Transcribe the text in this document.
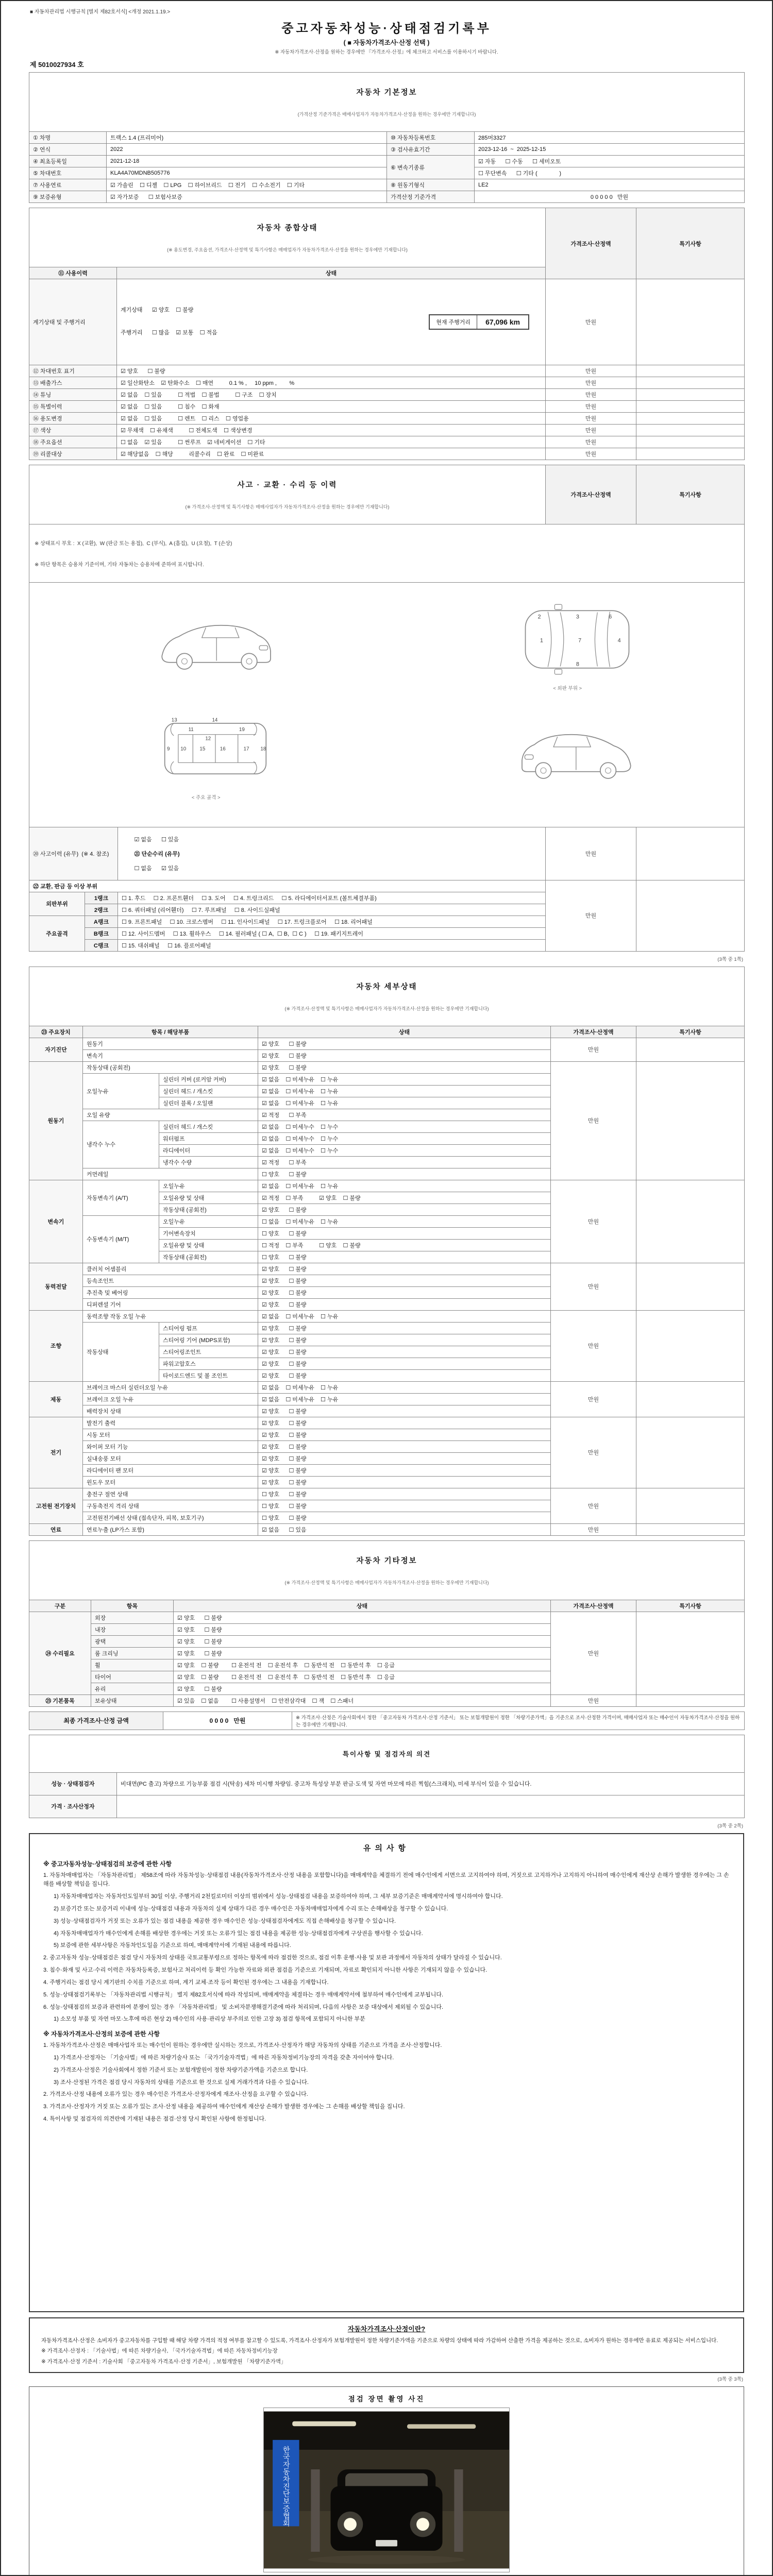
■ 자동차관리법 시행규칙 [별지 제82호서식] <개정 2021.1.19.>
중고자동차성능·상태점검기록부
( ■ 자동차가격조사·산정 선택 )
※ 자동차가격조사·산정을 원하는 경우에만 『가격조사·산정』에 체크하고 서비스를 이용하시기 바랍니다.
제 5010027934 호

자동차 기본정보

(가격산정 기준가격은 매매사업자가 자동차가격조사·산정을 원하는 경우에만 기재합니다)			

① 차명	트랙스 1.4 (프리미어)	⑩ 자동차등록번호	285머3327
② 연식	2022	③ 검사유효기간	2023-12-16  ~  2025-12-15
④ 최초등록일	2021-12-18	⑥ 변속기종류	☑ 자동      ☐ 수동      ☐ 세미오토
⑤ 차대번호	KLA4A70MDNB505776		☐ 무단변속      ☐ 기타 (              )
⑦ 사용연료	☑ 가솔린    ☐ 디젤    ☐ LPG    ☐ 하이브리드    ☐ 전기    ☐ 수소전기    ☐ 기타	⑧ 원동기형식	LE2
⑨ 보증유형	☑ 자가보증      ☐ 보험사보증	가격산정 기준가격	0 0 0 0 0   만원

자동차 종합상태

(※ 용도변경, 주요옵션, 가격조사·산정액 및 특기사항은 매매업자가 자동차가격조사·산정을 원하는 경우에만 기재합니다)		가격조사·산정액	특기사항
⑪ 사용이력	상태		
계기상태 및 주행거리	계기상태      ☑ 양호    ☐ 불량

주행거리      ☐ 많음    ☑ 보통    ☐ 적음

현재 주행거리 67,096 km	만원	
⑫ 차대번호 표기	☑ 양호      ☐ 불량	만원	
⑬ 배출가스	☑ 일산화탄소    ☑ 탄화수소    ☐ 매연          0.1 % ,     10 ppm ,        %	만원	
⑭ 튜닝	☑ 없음    ☐ 있음          ☐ 적법    ☐ 불법          ☐ 구조    ☐ 장치	만원	
⑮ 특별이력	☑ 없음    ☐ 있음          ☐ 침수    ☐ 화재	만원	
⑯ 용도변경	☑ 없음    ☐ 있음          ☐ 렌트    ☐ 리스    ☐ 영업용	만원	
⑰ 색상	☑ 무채색    ☐ 유채색          ☐ 전체도색    ☐ 색상변경	만원	
⑱ 주요옵션	☐ 없음    ☑ 있음          ☐ 썬루프    ☑ 네비게이션    ☐ 기타	만원	
⑲ 리콜대상	☑ 해당없음    ☐ 해당          리콜수리    ☐ 완료    ☐ 미완료	만원	

사고 · 교환 · 수리 등 이력

(※ 가격조사·산정액 및 특기사항은 매매사업자가 자동차가격조사·산정을 원하는 경우에만 기재합니다)			가격조사·산정액	특기사항

※ 상태표시 부호 :  X (교환),  W (판금 또는 용접),  C (부식),  A (흠집),  U (요철),  T (손상)

※ 하단 항목은 승용차 기준이며, 기타 자동차는 승용차에 준하여 표시합니다.				

1
2	3
4
6
7
8

< 외판 부위 >

9 10
11
12
13	14
15	16	17 18
19

< 주요 골격 >

⑳ 사고이력 (유무)  (※ 4. 참조)		☑ 없음      ☐ 있음

㉑ 단순수리 (유무)

☐ 없음      ☑ 있음	만원	
㉒ 교환, 판금 등 이상 부위			만원	
외판부위	1랭크	☐ 1. 후드     ☐ 2. 프론트휀더     ☐ 3. 도어     ☐ 4. 트렁크리드     ☐ 5. 라디에이터서포트 (볼트체결부품)		
	2랭크	☐ 6. 쿼터패널 (리어휀더)     ☐ 7. 루프패널     ☐ 8. 사이드실패널		
주요골격	A랭크	☐ 9. 프론트패널     ☐ 10. 크로스멤버     ☐ 11. 인사이드패널     ☐ 17. 트렁크플로어     ☐ 18. 리어패널		
	B랭크	☐ 12. 사이드멤버     ☐ 13. 휠하우스     ☐ 14. 필러패널 ( ☐ A,  ☐ B,  ☐ C )     ☐ 19. 패키지트레이		
	C랭크	☐ 15. 대쉬패널     ☐ 16. 플로어패널		
(3쪽 중 1쪽)

자동차 세부상태

(※ 가격조사·산정액 및 특기사항은 매매사업자가 자동차가격조사·산정을 원하는 경우에만 기재합니다)					

㉓ 주요장치	항목 / 해당부품		상태	가격조사·산정액	특기사항
자기진단	원동기		☑ 양호      ☐ 불량	만원	
	변속기		☑ 양호      ☐ 불량		
원동기	작동상태 (공회전)		☑ 양호      ☐ 불량	만원	
	오일누유	실린더 커버 (로커암 커버)	☑ 없음    ☐ 미세누유    ☐ 누유		
		실린더 헤드 / 개스킷	☑ 없음    ☐ 미세누유    ☐ 누유		
		실린더 블록 / 오일팬	☑ 없음    ☐ 미세누유    ☐ 누유		
	오일 유량		☑ 적정      ☐ 부족		
	냉각수 누수	실린더 헤드 / 개스킷	☑ 없음    ☐ 미세누수    ☐ 누수		
		워터펌프	☑ 없음    ☐ 미세누수    ☐ 누수		
		라디에이터	☑ 없음    ☐ 미세누수    ☐ 누수		
		냉각수 수량	☑ 적정      ☐ 부족		
	커먼레일		☐ 양호      ☐ 불량		
변속기	자동변속기 (A/T)	오일누유	☑ 없음    ☐ 미세누유    ☐ 누유	만원	
		오일유량 및 상태	☑ 적정    ☐ 부족          ☑ 양호    ☐ 불량		
		작동상태 (공회전)	☑ 양호      ☐ 불량		
	수동변속기 (M/T)	오일누유	☐ 없음    ☐ 미세누유    ☐ 누유		
		기어변속장치	☐ 양호      ☐ 불량		
		오일유량 및 상태	☐ 적정    ☐ 부족          ☐ 양호    ☐ 불량		
		작동상태 (공회전)	☐ 양호      ☐ 불량		
동력전달	클러치 어셈블리		☑ 양호      ☐ 불량	만원	
	등속조인트		☑ 양호      ☐ 불량		
	추진축 및 베어링		☑ 양호      ☐ 불량		
	디퍼렌셜 기어		☑ 양호      ☐ 불량		
조향	동력조향 작동 오일 누유		☑ 없음    ☐ 미세누유    ☐ 누유	만원	
	작동상태	스티어링 펌프	☑ 양호      ☐ 불량		
		스티어링 기어 (MDPS포함)	☑ 양호      ☐ 불량		
		스티어링조인트	☑ 양호      ☐ 불량		
		파워고압호스	☑ 양호      ☐ 불량		
		타이로드엔드 및 볼 조인트	☑ 양호      ☐ 불량		
제동	브레이크 마스터 실린더오일 누유		☑ 없음    ☐ 미세누유    ☐ 누유	만원	
	브레이크 오일 누유		☑ 없음    ☐ 미세누유    ☐ 누유		
	배력장치 상태		☑ 양호      ☐ 불량		
전기	발전기 출력		☑ 양호      ☐ 불량	만원	
	시동 모터		☑ 양호      ☐ 불량		
	와이퍼 모터 기능		☑ 양호      ☐ 불량		
	실내송풍 모터		☑ 양호      ☐ 불량		
	라디에이터 팬 모터		☑ 양호      ☐ 불량		
	윈도우 모터		☑ 양호      ☐ 불량		
고전원 전기장치	충전구 절연 상태		☐ 양호      ☐ 불량	만원	
	구동축전지 격리 상태		☐ 양호      ☐ 불량		
	고전원전기배선 상태 (접속단자, 피복, 보호기구)		☐ 양호      ☐ 불량		
연료	연료누출 (LP가스 포함)		☑ 없음      ☐ 있음	만원	

자동차 기타정보

(※ 가격조사·산정액 및 특기사항은 매매사업자가 자동차가격조사·산정을 원하는 경우에만 기재합니다)				

구분	항목	상태	가격조사·산정액	특기사항
㉔ 수리필요	외장	☑ 양호      ☐ 불량	만원	
	내장	☑ 양호      ☐ 불량		
	광택	☑ 양호      ☐ 불량		
	룸 크리닝	☑ 양호      ☐ 불량		
	휠	☑ 양호    ☐ 불량        ☐ 운전석 전    ☐ 운전석 후    ☐ 동반석 전    ☐ 동반석 후    ☐ 응급		
	타이어	☑ 양호    ☐ 불량        ☐ 운전석 전    ☐ 운전석 후    ☐ 동반석 전    ☐ 동반석 후    ☐ 응급		
	유리	☑ 양호      ☐ 불량		
㉕ 기본품목	보유상태	☑ 있음    ☐ 없음        ☐ 사용설명서    ☐ 안전삼각대    ☐ 잭    ☐ 스패너	만원	
최종 가격조사·산정 금액	0 0 0 0   만원	※ 가격조사·산정은 기술사회에서 정한 「중고자동차 가격조사·산정 기준서」 또는 보험개발원이 정한 「차량기준가액」을 기준으로 조사·산정한 가격이며, 매매사업자 또는 매수인이 자동차가격조사·산정을 원하는 경우에만 기재합니다.

특이사항 및 점검자의 의견	

성능 · 상태점검자	비대면(PC 출고) 차량으로 기능부품 점검 시(탁송) 세차 미시행 차량임. 중고차 특성상 부분 판금·도색 및 자연 마모에 따른 찍힘(스크래치), 미세 부식이 있을 수 있습니다.
가격 · 조사산정자	
(3쪽 중 2쪽)
유의사항
※ 중고자동차성능·상태점검의 보증에 관한 사항
1. 자동차매매업자는 「자동차관리법」 제58조에 따라 자동차성능·상태점검 내용(자동차가격조사·산정 내용을 포함합니다)을 매매계약을 체결하기 전에 매수인에게 서면으로 고지하여야 하며, 거짓으로 고지하거나 고지하지 아니하여 매수인에게 재산상 손해가 발생한 경우에는 그 손해를 배상할 책임을 집니다.
1) 자동차매매업자는 자동차인도일부터 30일 이상, 주행거리 2천킬로미터 이상의 범위에서 성능·상태점검 내용을 보증하여야 하며, 그 세부 보증기준은 매매계약서에 명시하여야 합니다.
2) 보증기간 또는 보증거리 이내에 성능·상태점검 내용과 자동차의 실제 상태가 다른 경우 매수인은 자동차매매업자에게 수리 또는 손해배상을 청구할 수 있습니다.
3) 성능·상태점검자가 거짓 또는 오류가 있는 점검 내용을 제공한 경우 매수인은 성능·상태점검자에게도 직접 손해배상을 청구할 수 있습니다.
4) 자동차매매업자가 매수인에게 손해를 배상한 경우에는 거짓 또는 오류가 있는 점검 내용을 제공한 성능·상태점검자에게 구상권을 행사할 수 있습니다.
5) 보증에 관한 세부사항은 자동차인도일을 기준으로 하며, 매매계약서에 기재된 내용에 따릅니다.
2. 중고자동차 성능·상태점검은 점검 당시 자동차의 상태를 국토교통부령으로 정하는 항목에 따라 점검한 것으로, 점검 이후 운행·사용 및 보관 과정에서 자동차의 상태가 달라질 수 있습니다.
3. 침수·화재 및 사고·수리 이력은 자동차등록증, 보험사고 처리이력 등 확인 가능한 자료와 외관 점검을 기준으로 기재되며, 자료로 확인되지 아니한 사항은 기재되지 않을 수 있습니다.
4. 주행거리는 점검 당시 계기판의 수치를 기준으로 하며, 계기 교체·조작 등이 확인된 경우에는 그 내용을 기재합니다.
5. 성능·상태점검기록부는 「자동차관리법 시행규칙」 별지 제82호서식에 따라 작성되며, 매매계약을 체결하는 경우 매매계약서에 첨부하여 매수인에게 교부됩니다.
6. 성능·상태점검의 보증과 관련하여 분쟁이 있는 경우 「자동차관리법」 및 소비자분쟁해결기준에 따라 처리되며, 다음의 사항은 보증 대상에서 제외될 수 있습니다.
1) 소모성 부품 및 자연 마모·노후에 따른 현상 2) 매수인의 사용·관리상 부주의로 인한 고장 3) 점검 항목에 포함되지 아니한 부분
※ 자동차가격조사·산정의 보증에 관한 사항
1. 자동차가격조사·산정은 매매사업자 또는 매수인이 원하는 경우에만 실시하는 것으로, 가격조사·산정자가 해당 자동차의 상태를 기준으로 가격을 조사·산정합니다.
1) 가격조사·산정자는 「기술사법」에 따른 차량기술사 또는 「국가기술자격법」에 따른 자동차정비기능장의 자격을 갖춘 자이어야 합니다.
2) 가격조사·산정은 기술사회에서 정한 기준서 또는 보험개발원이 정한 차량기준가액을 기준으로 합니다.
3) 조사·산정된 가격은 점검 당시 자동차의 상태를 기준으로 한 것으로 실제 거래가격과 다를 수 있습니다.
2. 가격조사·산정 내용에 오류가 있는 경우 매수인은 가격조사·산정자에게 재조사·산정을 요구할 수 있습니다.
3. 가격조사·산정자가 거짓 또는 오류가 있는 조사·산정 내용을 제공하여 매수인에게 재산상 손해가 발생한 경우에는 그 손해를 배상할 책임을 집니다.
4. 특이사항 및 점검자의 의견란에 기재된 내용은 점검·산정 당시 확인된 사항에 한정됩니다.
자동차가격조사·산정이란?
자동차가격조사·산정은 소비자가 중고자동차를 구입할 때 해당 차량 가격의 적정 여부를 참고할 수 있도록, 가격조사·산정자가 보험개발원이 정한 차량기준가액을 기준으로 차량의 상태에 따라 가감하여 산출한 가격을 제공하는 것으로, 소비자가 원하는 경우에만 유료로 제공되는 서비스입니다.
※ 가격조사·산정자 : 「기술사법」에 따른 차량기술사, 「국가기술자격법」에 따른 자동차정비기능장
※ 가격조사·산정 기준서 : 기술사회 「중고자동차 가격조사·산정 기준서」, 보험개발원 「차량기준가액」
(3쪽 중 3쪽)
점검 장면 촬영 사진
한국자동차진단보증협회
